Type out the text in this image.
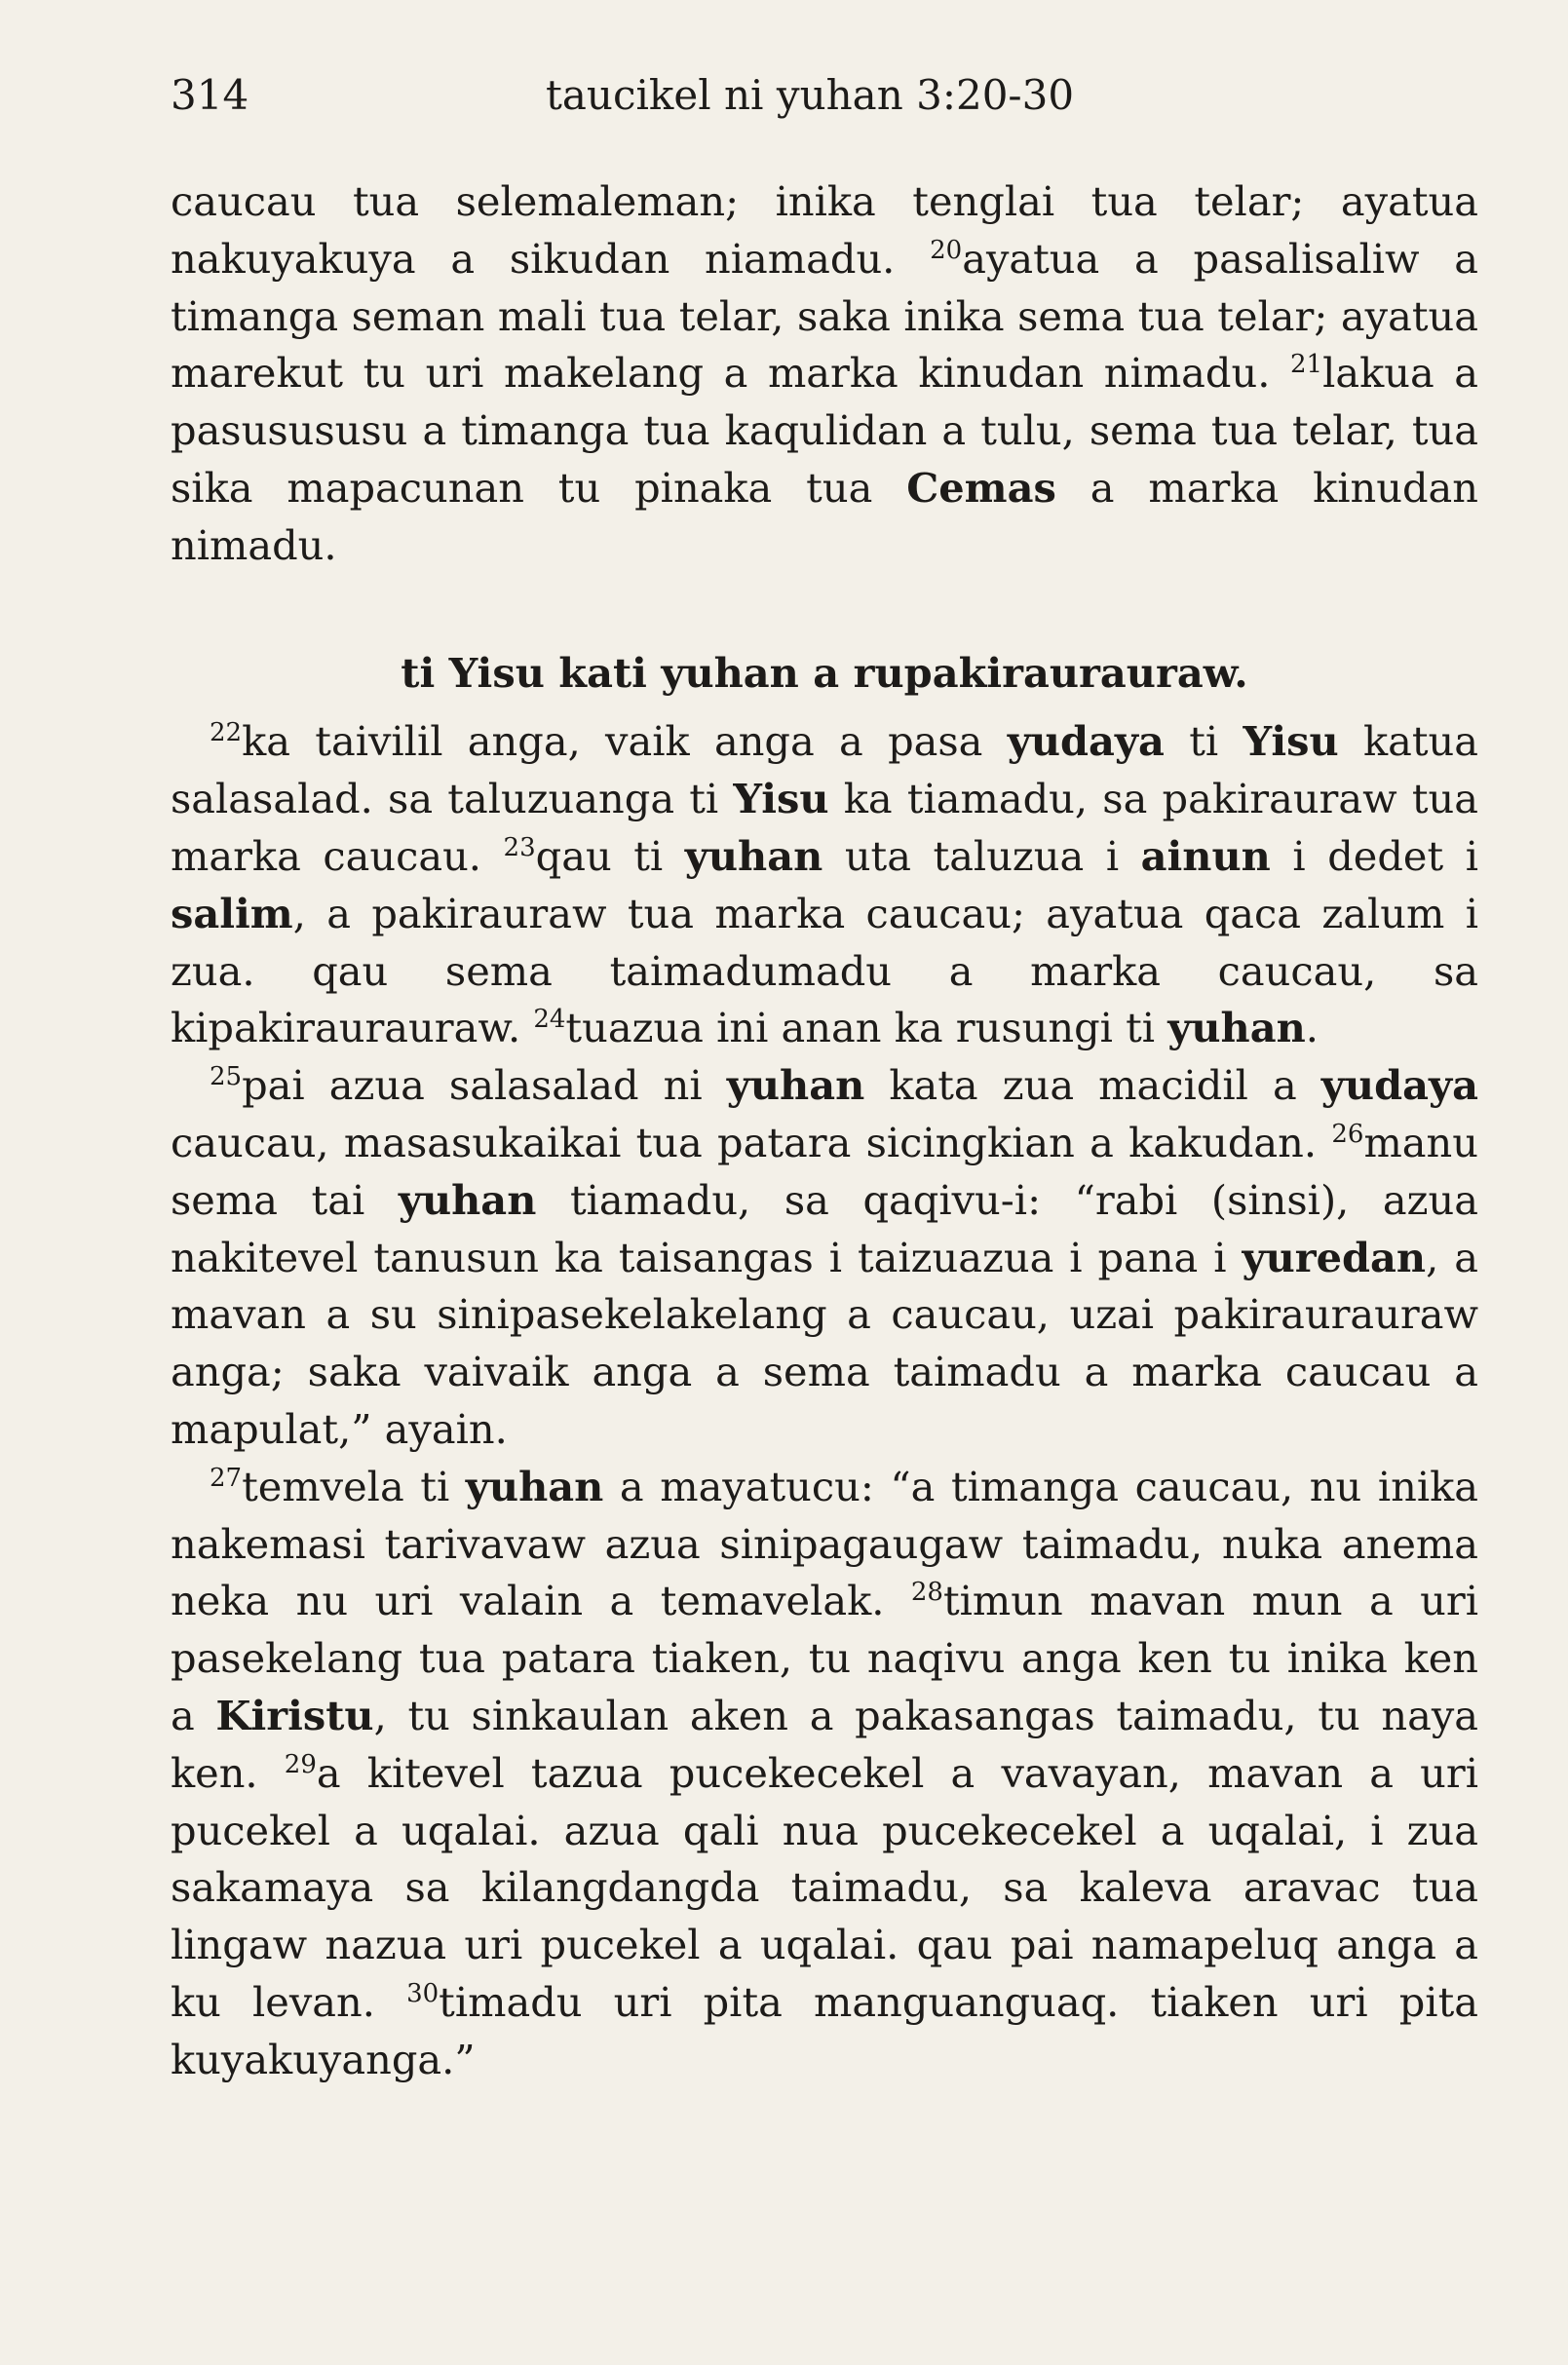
314	taucikel ni yuhan 3:20-30

caucau tua selemaleman; inika tenglai tua telar; ayatua nakuyakuya a sikudan niamadu. $^{20}$ayatua a pasalisaliw a timanga seman mali tua telar, saka inika sema tua telar; ayatua marekut tu uri makelang a marka kinudan nimadu. $^{21}$lakua a pasusususu a timanga tua kaqulidan a tulu, sema tua telar, tua sika mapacunan tu pinaka tua Cemas a marka kinudan nimadu.

ti Yisu kati yuhan a rupakiraurauraw.

$^{22}$ka taivilil anga, vaik anga a pasa yudaya ti Yisu katua salasalad. sa taluzuanga ti Yisu ka tiamadu, sa pakirauraw tua marka caucau. $^{23}$qau ti yuhan uta taluzua i ainun i dedet i salim, a pakirauraw tua marka caucau; ayatua qaca zalum i zua. qau sema taimadumadu a marka caucau, sa kipakiraurauraw. $^{24}$tuazua ini anan ka rusungi ti yuhan.

$^{25}$pai azua salasalad ni yuhan kata zua macidil a yudaya caucau, masasukaikai tua patara sicingkian a kakudan. $^{26}$manu sema tai yuhan tiamadu, sa qaqivu-i: “rabi (sinsi), azua nakitevel tanusun ka taisangas i taizuazua i pana i yuredan, a mavan a su sinipasekelakelang a caucau, uzai pakiraurauraw anga; saka vaivaik anga a sema taimadu a marka caucau a mapulat,” ayain.

$^{27}$temvela ti yuhan a mayatucu: “a timanga caucau, nu inika nakemasi tarivavaw azua sinipagaugaw taimadu, nuka anema neka nu uri valain a temavelak. $^{28}$timun mavan mun a uri pasekelang tua patara tiaken, tu naqivu anga ken tu inika ken a Kiristu, tu sinkaulan aken a pakasangas taimadu, tu naya ken. $^{29}$a kitevel tazua pucekecekel a vavayan, mavan a uri pucekel a uqalai. azua qali nua pucekecekel a uqalai, i zua sakamaya sa kilangdangda taimadu, sa kaleva aravac tua lingaw nazua uri pucekel a uqalai. qau pai namapeluq anga a ku levan. $^{30}$timadu uri pita manguanguaq. tiaken uri pita kuyakuyanga.”
